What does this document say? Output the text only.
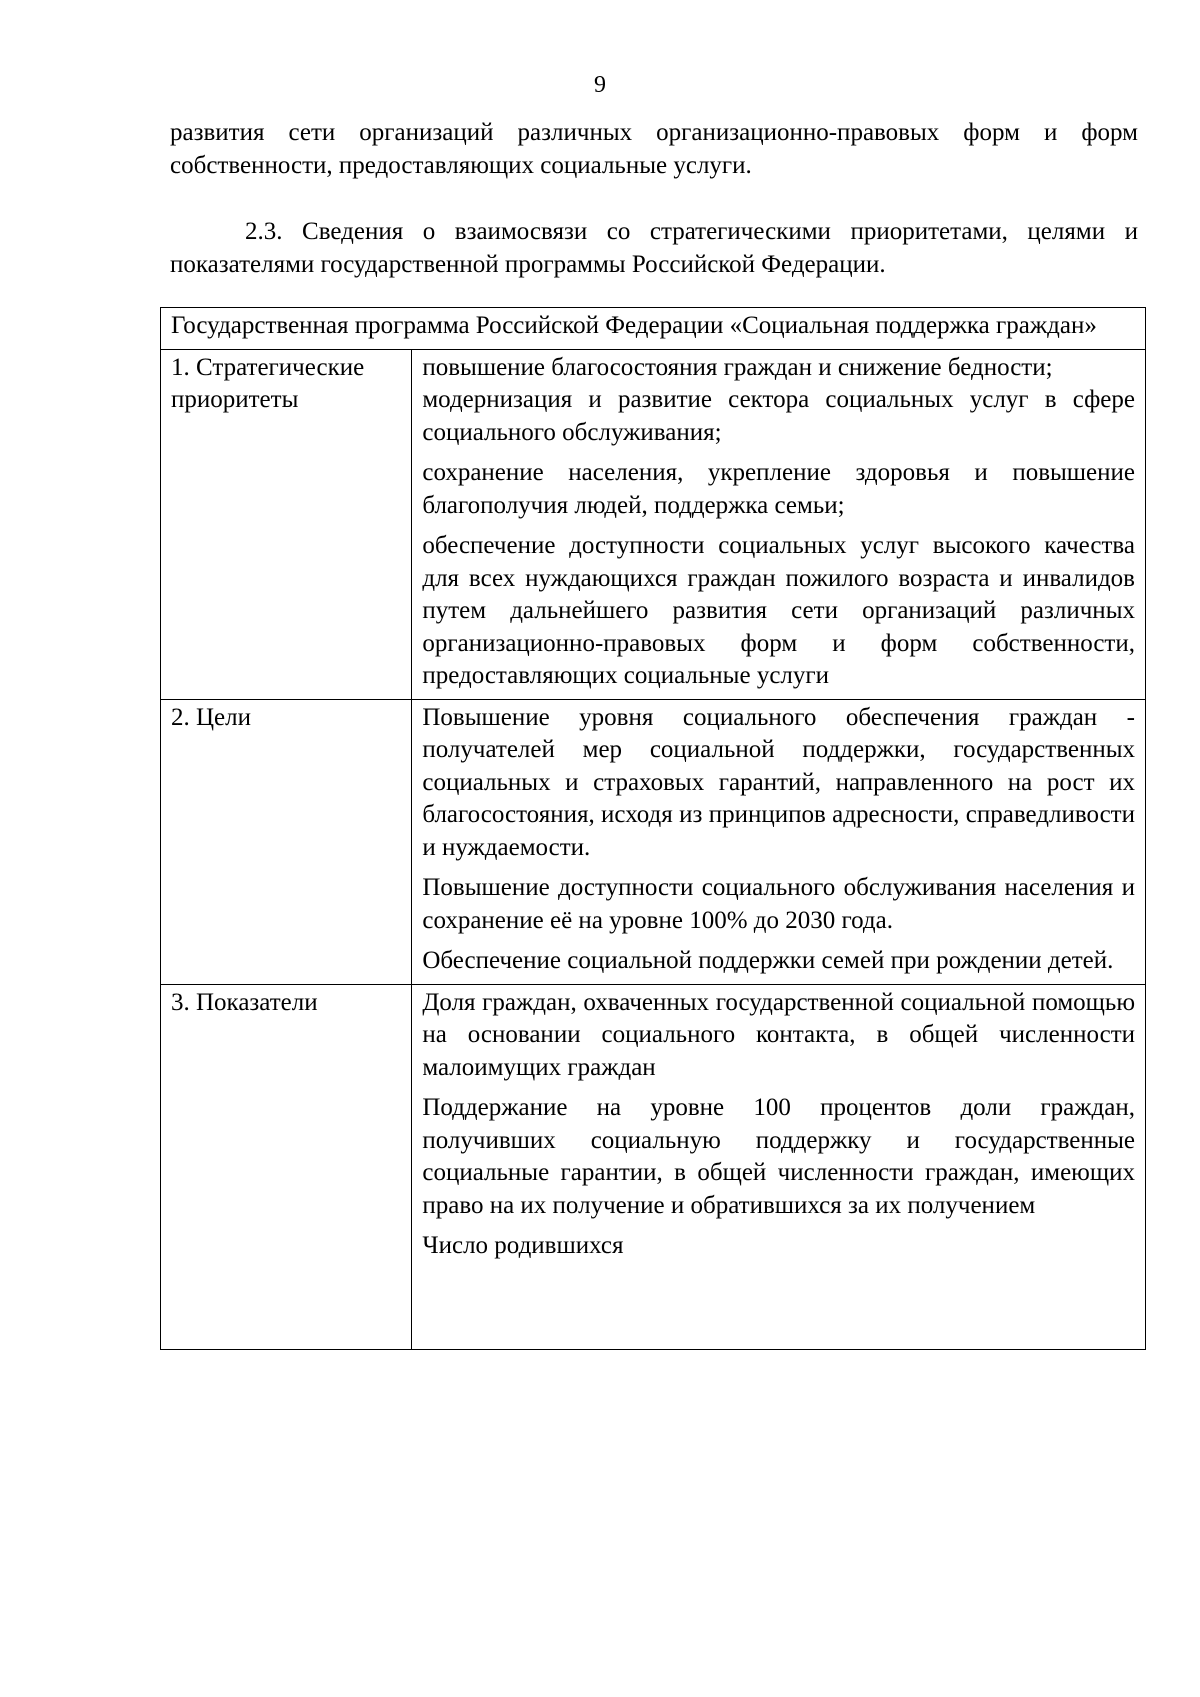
9

развития сети организаций различных организационно-правовых форм и форм собственности, предоставляющих социальные услуги.

2.3. Сведения о взаимосвязи со стратегическими приоритетами, целями и показателями государственной программы Российской Федерации.

Государственная программа Российской Федерации «Социальная поддержка граждан»	
1. Стратегические приоритеты	повышение благосостояния граждан и снижение бедности;

модернизация и развитие сектора социальных услуг в сфере социального обслуживания;

сохранение населения, укрепление здоровья и повышение благополучия людей, поддержка семьи;

обеспечение доступности социальных услуг высокого качества для всех нуждающихся граждан пожилого возраста и инвалидов путем дальнейшего развития сети организаций различных организационно-правовых форм и форм собственности, предоставляющих социальные услуги

2. Цели	Повышение уровня социального обеспечения граждан - получателей мер социальной поддержки, государственных социальных и страховых гарантий, направленного на рост их благосостояния, исходя из принципов адресности, справедливости и нуждаемости.

Повышение доступности социального обслуживания населения и сохранение её на уровне 100% до 2030 года.

Обеспечение социальной поддержки семей при рождении детей.

3. Показатели	Доля граждан, охваченных государственной социальной помощью на основании социального контакта, в общей численности малоимущих граждан

Поддержание на уровне 100 процентов доли граждан, получивших социальную поддержку и государственные социальные гарантии, в общей численности граждан, имеющих право на их получение и обратившихся за их получением

Число родившихся
